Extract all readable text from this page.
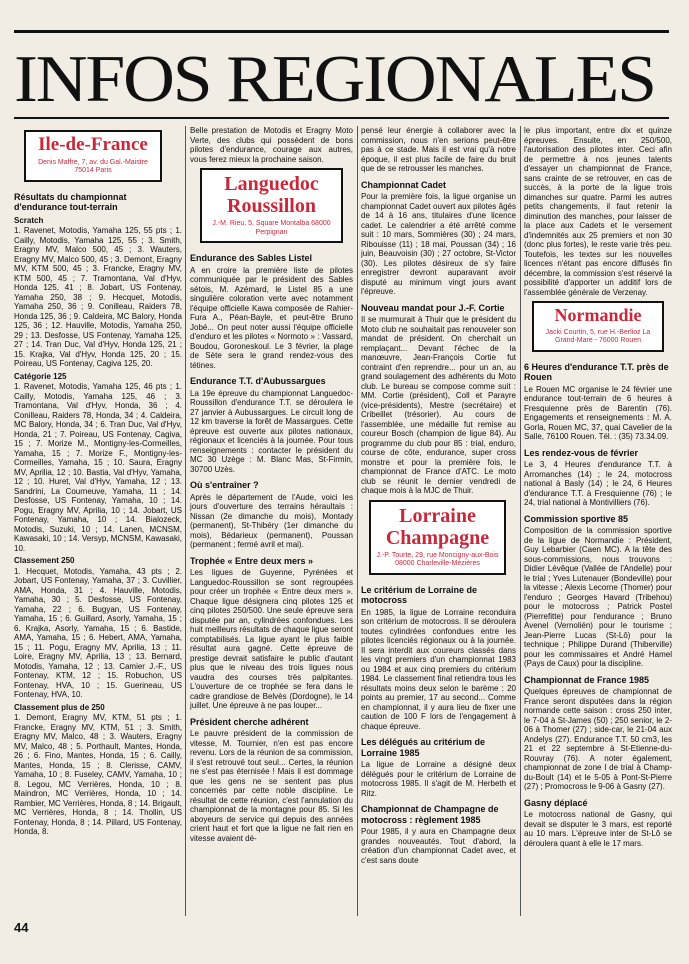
INFOS REGIONALES
Ile-de-France
Denis Maffre, 7, av. du Gal.-Maistre 75014 Paris
Résultats du championnat d'endurance tout-terrain
Scratch

1. Ravenet, Motodis, Yamaha 125, 55 pts ; 1. Cailly, Motodis, Yamaha 125, 55 ; 3. Smith, Eragny MV, Malco 500, 45 ; 3. Wauters, Eragny MV, Malco 500, 45 ; 3. Demont, Eragny MV, KTM 500, 45 ; 3. Francke, Eragny MV, KTM 500, 45 ; 7. Tramontana, Val d'Hyv, Honda 125, 41 ; 8. Jobart, US Fontenay, Yamaha 250, 38 ; 9. Hecquet, Motodis, Yamaha 250, 36 ; 9. Conilleau, Raiders 78, Honda 125, 36 ; 9. Caldeira, MC Balory, Honda 125, 36 ; 12. Hauville, Motodis, Yamaha 250, 29 ; 13. Desfosse, US Fontenay, Yamaha 125, 27 ; 14. Tran Duc, Val d'Hyv, Honda 125, 21 ; 15. Krajka, Val d'Hyv, Honda 125, 20 ; 15. Poireau, US Fontenay, Cagiva 125, 20.

Catégorie 125

1. Ravenet, Motodis, Yamaha 125, 46 pts ; 1. Cailly, Motodis, Yamaha 125, 46 ; 3. Tramontana, Val d'Hyv, Honda, 36 ; 4. Conilleau, Raiders 78, Honda, 34 ; 4. Caldeira, MC Balory, Honda, 34 ; 6. Tran Duc, Val d'Hyv, Honda, 21 ; 7. Poireau, US Fontenay, Cagiva, 15 ; 7. Morize M., Montigny-les-Cormeilles, Yamaha, 15 ; 7. Morize F., Montigny-les-Cormeilles, Yamaha, 15 ; 10. Saura, Eragny MV, Aprilia, 12 ; 10. Bastia, Val d'Hyv, Yamaha, 12 ; 10. Huret, Val d'Hyv, Yamaha, 12 ; 13. Sandrini, La Courneuve, Yamaha, 11 ; 14. Desfosse, US Fontenay, Yamaha, 10 ; 14. Pogu, Eragny MV, Aprilia, 10 ; 14. Jobart, US Fontenay, Yamaha, 10 ; 14. Bialozeck, Motodis, Suzuki, 10 ; 14. Lanen, MCNSM, Kawasaki, 10 ; 14. Versyp, MCNSM, Kawasaki, 10.

Classement 250

1. Hecquet, Motodis, Yamaha, 43 pts ; 2. Jobart, US Fontenay, Yamaha, 37 ; 3. Cuvillier, AMA, Honda, 31 ; 4. Hauville, Motodis, Yamaha, 30 ; 5. Desfosse, US Fontenay, Yamaha, 22 ; 6. Bugyan, US Fontenay, Yamaha, 15 ; 6. Guillard, Asorly, Yamaha, 15 ; 6. Krajka, Asorly, Yamaha, 15 ; 6. Bastide, AMA, Yamaha, 15 ; 6. Hebert, AMA, Yamaha, 15 ; 11. Pogu, Eragny MV, Aprilia, 13 ; 11. Loire, Eragny MV, Aprilia, 13 ; 13. Bernard, Motodis, Yamaha, 12 ; 13. Camier J.-F., US Fontenay, KTM, 12 ; 15. Robuchon, US Fontenay, HVA, 10 ; 15. Guerineau, US Fontenay, HVA, 10.

Classement plus de 250

1. Demont, Eragny MV, KTM, 51 pts ; 1. Francke, Eragny MV, KTM, 51 ; 3. Smith, Eragny MV, Malco, 48 ; 3. Wauters, Eragny MV, Malco, 48 ; 5. Porthault, Mantes, Honda, 26 ; 6. Fino, Mantes, Honda, 15 ; 6. Cailly, Mantes, Honda, 15 ; 8. Clerisse, CAMV, Yamaha, 10 ; 8. Fuseley, CAMV, Yamaha, 10 ; 8. Legou, MC Verrières, Honda, 10 ; 8. Maindron, MC Verrières, Honda, 10 ; 14. Rambier, MC Verrières, Honda, 8 ; 14. Brigault, MC Verrières, Honda, 8 ; 14. Thollin, US Fontenay, Honda, 8 ; 14. Pillard, US Fontenay, Honda, 8.

Belle prestation de Motodis et Eragny Moto Verte, des clubs qui possèdent de bons pilotes d'endurance, courage aux autres, vous ferez mieux la prochaine saison.

Languedoc Roussillon
J.-M. Rieu, 5, Square Montalba 68000 Perpignan
Endurance des Sables Listel

A en croire la première liste de pilotes communiquée par le président des Sables sétois, M. Azémard, le Listel 85 a une singulière coloration verte avec notamment l'équipe officielle Kawa composée de Rahier-Fura A., Péan-Bayle, et peut-être Bruno Jobé... On peut noter aussi l'équipe officielle d'enduro et les pilotes « Normoto » : Vassard, Boudou, Goroneskoul. Le 3 février, la plage de Sète sera le grand rendez-vous des tétines.

Endurance T.T. d'Aubussargues

La 19e épreuve du championnat Languedoc-Roussillon d'endurance T.T. se déroulera le 27 janvier à Aubussargues. Le circuit long de 12 km traverse la forêt de Massargues. Cette épreuve est ouverte aux pilotes nationaux, régionaux et licenciés à la journée. Pour tous renseignements : contacter le président du MC 30 Uzège : M. Blanc Mas, St-Firmin, 30700 Uzès.

Où s'entraîner ?

Après le département de l'Aude, voici les jours d'ouverture des terrains héraultais : Nissan (2e dimanche du mois), Montady (permanent), St-Thibéry (1er dimanche du mois), Bédarieux (permanent), Poussan (permanent ; fermé avril et mai).

Trophée « Entre deux mers »

Les ligues de Guyenne, Pyrénées et Languedoc-Roussillon se sont regroupées pour créer un trophée « Entre deux mers ». Chaque ligue désignera cinq pilotes 125 et cinq pilotes 250/500. Une seule épreuve sera disputée par an, cylindrées confondues. Les huit meilleurs résultats de chaque ligue seront comptabilisés. La ligue ayant le plus faible résultat aura gagné. Cette épreuve de prestige devrait satisfaire le public d'autant plus que le niveau des trois ligues nous vaudra des courses très palpitantes. L'ouverture de ce trophée se fera dans le cadre grandiose de Belvès (Dordogne), le 14 juillet. Une épreuve à ne pas louper...

Président cherche adhérent

Le pauvre président de la commission de vitesse, M. Tournier, n'en est pas encore revenu. Lors de la réunion de sa commission, il s'est retrouvé tout seul... Certes, la réunion ne s'est pas éternisée ! Mais il est dommage que les gens ne se sentent pas plus concernés par cette noble discipline. Le résultat de cette réunion, c'est l'annulation du championnat de la montagne pour 85. Si les aboyeurs de service qui depuis des années crient haut et fort que la ligue ne fait rien en vitesse avaient dé-

pensé leur énergie à collaborer avec la commission, nous n'en serions peut-être pas à ce stade. Mais il est vrai qu'à notre époque, il est plus facile de faire du bruit que de se retrousser les manches.

Championnat Cadet

Pour la première fois, la ligue organise un championnat Cadet ouvert aux pilotes âgés de 14 à 16 ans, titulaires d'une licence cadet. Le calendrier a été arrêté comme suit : 10 mars, Sommières (30) ; 24 mars, Ribouisse (11) ; 18 mai, Poussan (34) ; 16 juin, Beauvoisin (30) ; 27 octobre, St-Victor (30). Les pilotes désireux de s'y faire enregistrer devront auparavant avoir disputé au minimum vingt jours avant l'épreuve.

Nouveau mandat pour J.-F. Cortie

Il se murmurait à Thuir que le président du Moto club ne souhaitait pas renouveler son mandat de président. On cherchait un remplaçant... Devant l'échec de la manœuvre, Jean-François Cortie fut contraint d'en reprendre... pour un an, au grand soulagement des adhérents du Moto club. Le bureau se compose comme suit : MM. Cortie (président), Coll et Parayre (vice-présidents), Mestre (secrétaire) et Cribeillet (trésorier). Au cours de l'assemblée, une médaille fut remise au coureur Bosch (champion de ligue 84). Au programme du club pour 85 : trial, enduro, course de côte, endurance, super cross monstre et pour la première fois, le championnat de France d'ATC. Le moto club se réunit le dernier vendredi de chaque mois à la MJC de Thuir.

Lorraine Champagne
J.-P. Tourte, 29, rue Moncigny-aux-Bois 08000 Charleville-Mézières
Le critérium de Lorraine de motocross

En 1985, la ligue de Lorraine reconduira son critérium de motocross. Il se déroulera toutes cylindrées confondues entre les pilotes licenciés régionaux ou à la journée. Il sera interdit aux coureurs classés dans les vingt premiers d'un championnat 1983 ou 1984 et aux cinq premiers du critérium 1984. Le classement final retiendra tous les résultats moins deux selon le barème : 20 points au premier, 17 au second... Comme en championnat, il y aura lieu de fixer une caution de 100 F lors de l'engagement à chaque épreuve.

Les délégués au critérium de Lorraine 1985

La ligue de Lorraine a désigné deux délégués pour le critérium de Lorraine de motocross 1985. Il s'agit de M. Herbeth et Ritz.

Championnat de Champagne de motocross : règlement 1985

Pour 1985, il y aura en Champagne deux grandes nouveautés. Tout d'abord, la création d'un championnat Cadet avec, et c'est sans doute

le plus important, entre dix et quinze épreuves. Ensuite, en 250/500, l'autorisation des pilotes inter. Ceci afin de permettre à nos jeunes talents d'essayer un championnat de France, sans crainte de se retrouver, en cas de succès, à la porte de la ligue trois dimanches sur quatre. Parmi les autres petits changements, il faut retenir la diminution des manches, pour laisser de la place aux Cadets et le versement d'indemnités aux 25 premiers et non 30 (donc plus fortes), le reste varie très peu. Toutefois, les textes sur les nouvelles licences n'étant pas encore diffusés fin décembre, la commission s'est réservé la possibilité d'apporter un additif lors de l'assemblée générale de Verzenay.

Normandie
Jacki Courtin, 5, rue H.-Berlioz La Grand-Mare - 76000 Rouen
6 Heures d'endurance T.T. près de Rouen

Le Rouen MC organise le 24 février une endurance tout-terrain de 6 heures à Fresquienne près de Barentin (76). Engagements et renseignements : M. A. Gorla, Rouen MC, 37, quai Cavelier de la Salle, 76100 Rouen. Tél. : (35) 73.34.09.

Les rendez-vous de février

Le 3, 4 Heures d'endurance T.T. à Arromanches (14) ; le 24, motocross national à Basly (14) ; le 24, 6 Heures d'endurance T.T. à Fresquienne (76) ; le 24, trial national à Montivilliers (76).

Commission sportive 85

Composition de la commission sportive de la ligue de Normandie : Président, Guy Lebarbier (Caen MC). A la tête des sous-commissions, nous trouvons : Didier Lévêque (Vallée de l'Andelle) pour le trial ; Yves Lutenauer (Bondeville) pour la vitesse ; Alexis Lecorne (Thomer) pour l'enduro ; Georges Havard (Tribehou) pour le motocross ; Patrick Postel (Pierrefitte) pour l'endurance ; Bruno Avenel (Vernolién) pour le tourisme ; Jean-Pierre Lucas (St-Lô) pour la technique ; Philippe Durand (Thiberville) pour les commissaires et André Hamel (Pays de Caux) pour la discipline.

Championnat de France 1985

Quelques épreuves de championnat de France seront disputées dans la région normande cette saison : cross 250 inter, le 7-04 à St-James (50) ; 250 senior, le 2-06 à Thomer (27) ; side-car, le 21-04 aux Andelys (27). Endurance T.T. 50 cm3, les 21 et 22 septembre à St-Etienne-du-Rouvray (76). A noter également, championnat de zone I de trial à Champ-du-Boult (14) et le 5-05 à Pont-St-Pierre (27) ; Promocross le 9-06 à Gasny (27).

Gasny déplacé

Le motocross national de Gasny, qui devait se disputer le 3 mars, est reporté au 10 mars. L'épreuve inter de St-Lô se déroulera quant à elle le 17 mars.

44
